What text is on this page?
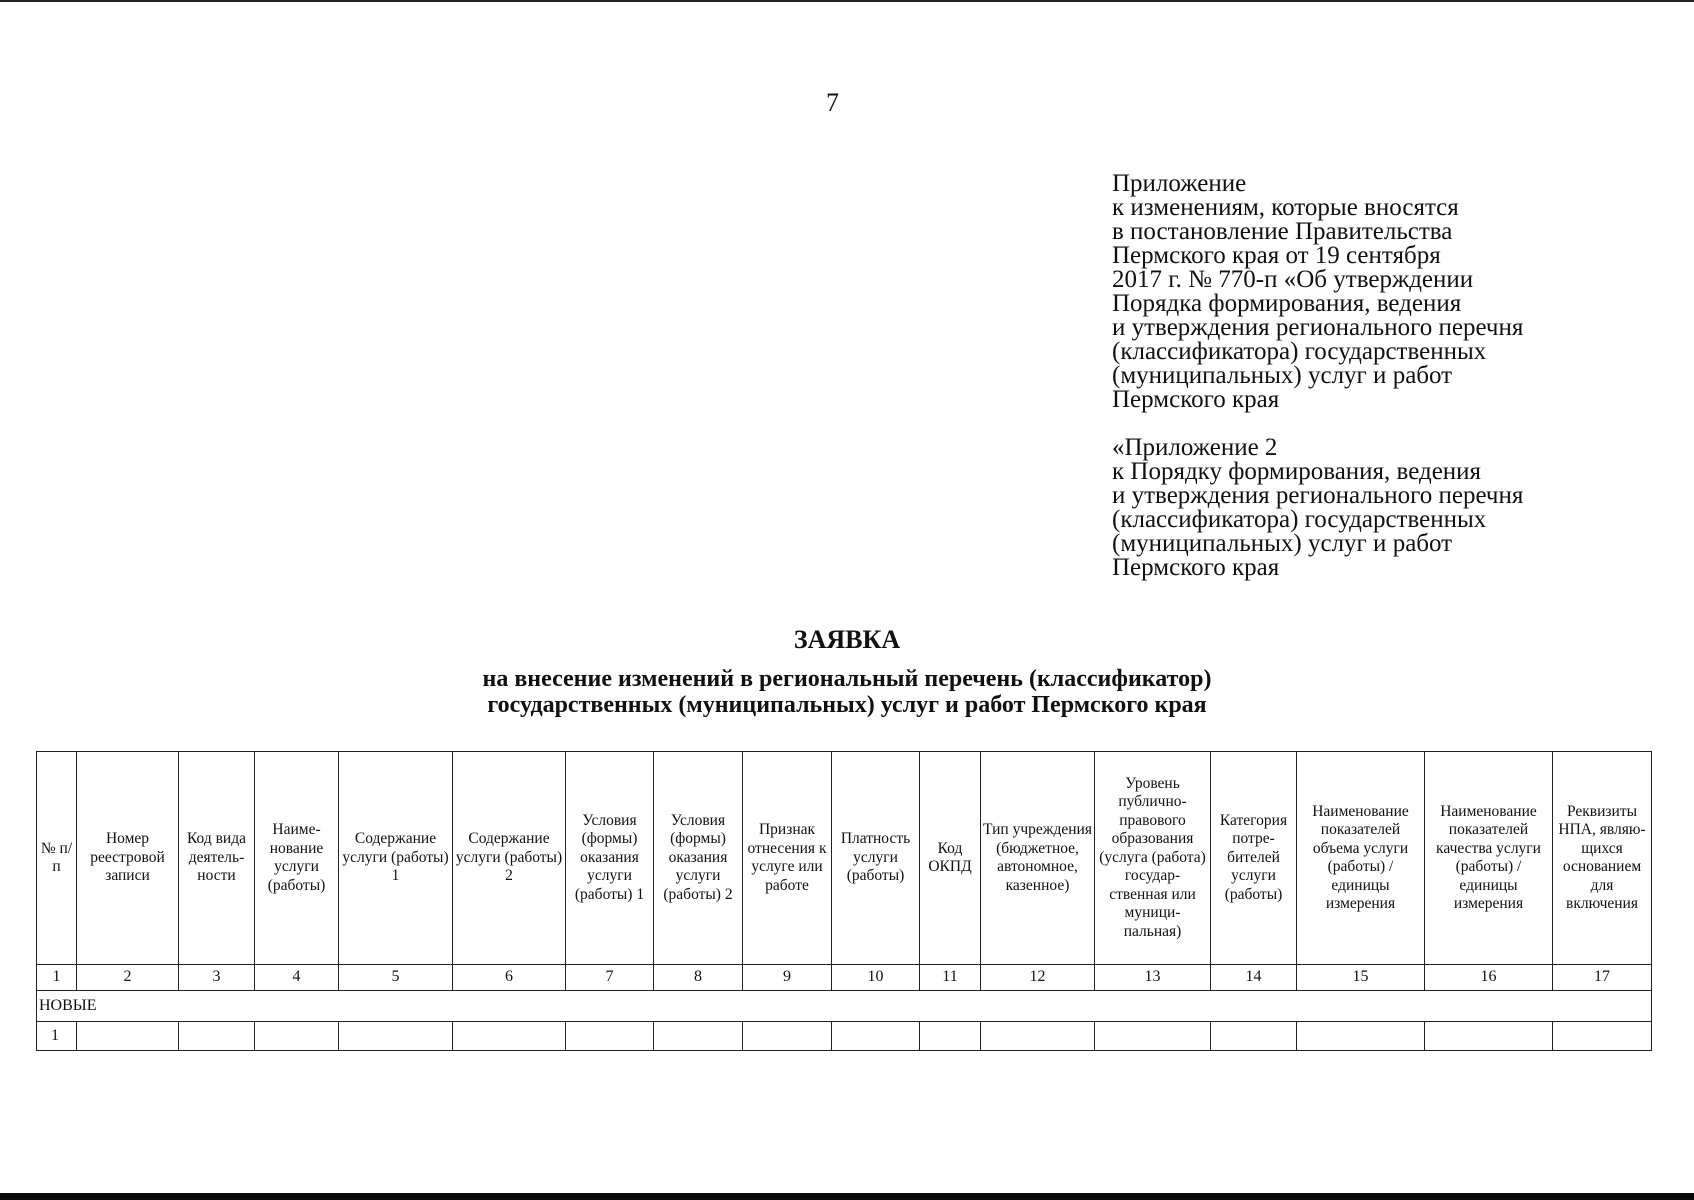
7
Приложение
к изменениям, которые вносятся
в постановление Правительства
Пермского края от 19 сентября
2017 г. № 770-п «Об утверждении
Порядка формирования, ведения
и утверждения регионального перечня
(классификатора) государственных
(муниципальных) услуг и работ
Пермского края
«Приложение 2
к Порядку формирования, ведения
и утверждения регионального перечня
(классификатора) государственных
(муниципальных) услуг и работ
Пермского края
ЗАЯВКА
на внесение изменений в региональный перечень (классификатор)
государственных (муниципальных) услуг и работ Пермского края
№ п/п	Номер реестровой записи	Код вида деятель- ности	Наиме- нование услуги (работы)	Содержание услуги (работы) 1	Содержание услуги (работы) 2	Условия (формы) оказания услуги (работы) 1	Условия (формы) оказания услуги (работы) 2	Признак отнесения к услуге или работе	Платность услуги (работы)	Код ОКПД	Тип учреждения (бюджетное, автономное, казенное)	Уровень публично- правового образования (услуга (работа) государ- ственная или муници- пальная)	Категория потре- бителей услуги (работы)	Наименование показателей объема услуги (работы) / единицы измерения	Наименование показателей качества услуги (работы) / единицы измерения	Реквизиты НПА, являю- щихся основанием для включения
1	2	3	4	5	6	7	8	9	10	11	12	13	14	15	16	17
НОВЫЕ																
1																
